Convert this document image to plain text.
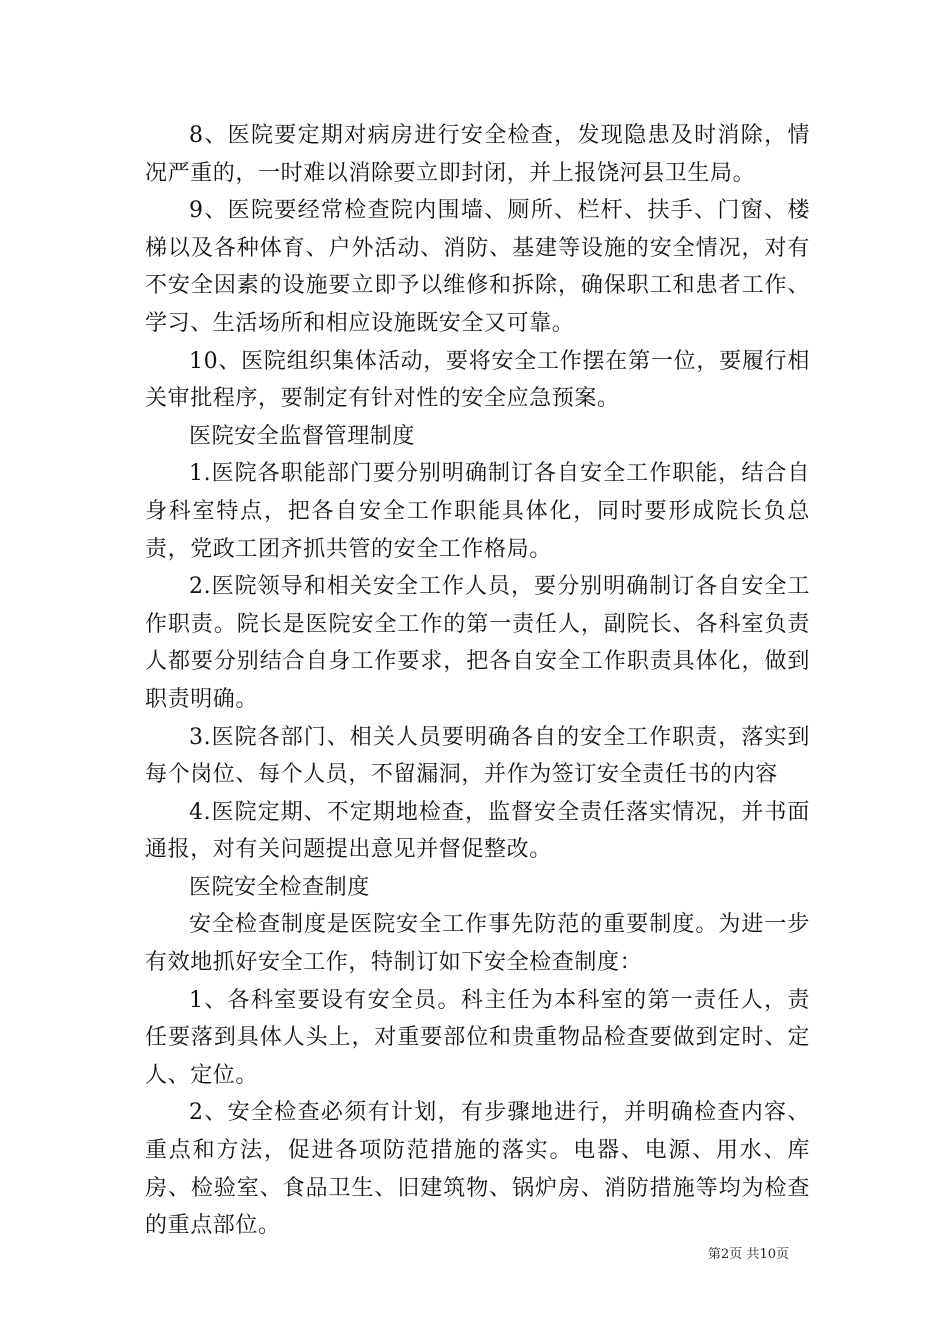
8、医院要定期对病房进行安全检查，发现隐患及时消除，情况严重的，一时难以消除要立即封闭，并上报饶河县卫生局。

9、医院要经常检查院内围墙、厕所、栏杆、扶手、门窗、楼梯以及各种体育、户外活动、消防、基建等设施的安全情况，对有不安全因素的设施要立即予以维修和拆除，确保职工和患者工作、学习、生活场所和相应设施既安全又可靠。

10、医院组织集体活动，要将安全工作摆在第一位，要履行相关审批程序，要制定有针对性的安全应急预案。

医院安全监督管理制度

1.医院各职能部门要分别明确制订各自安全工作职能，结合自身科室特点，把各自安全工作职能具体化，同时要形成院长负总责，党政工团齐抓共管的安全工作格局。

2.医院领导和相关安全工作人员，要分别明确制订各自安全工作职责。院长是医院安全工作的第一责任人，副院长、各科室负责人都要分别结合自身工作要求，把各自安全工作职责具体化，做到职责明确。

3.医院各部门、相关人员要明确各自的安全工作职责，落实到每个岗位、每个人员，不留漏洞，并作为签订安全责任书的内容

4.医院定期、不定期地检查，监督安全责任落实情况，并书面通报，对有关问题提出意见并督促整改。

医院安全检查制度

安全检查制度是医院安全工作事先防范的重要制度。为进一步有效地抓好安全工作，特制订如下安全检查制度：

1、各科室要设有安全员。科主任为本科室的第一责任人，责任要落到具体人头上，对重要部位和贵重物品检查要做到定时、定人、定位。

2、安全检查必须有计划，有步骤地进行，并明确检查内容、重点和方法，促进各项防范措施的落实。电器、电源、用水、库房、检验室、食品卫生、旧建筑物、锅炉房、消防措施等均为检查的重点部位。

第2页 共10页
